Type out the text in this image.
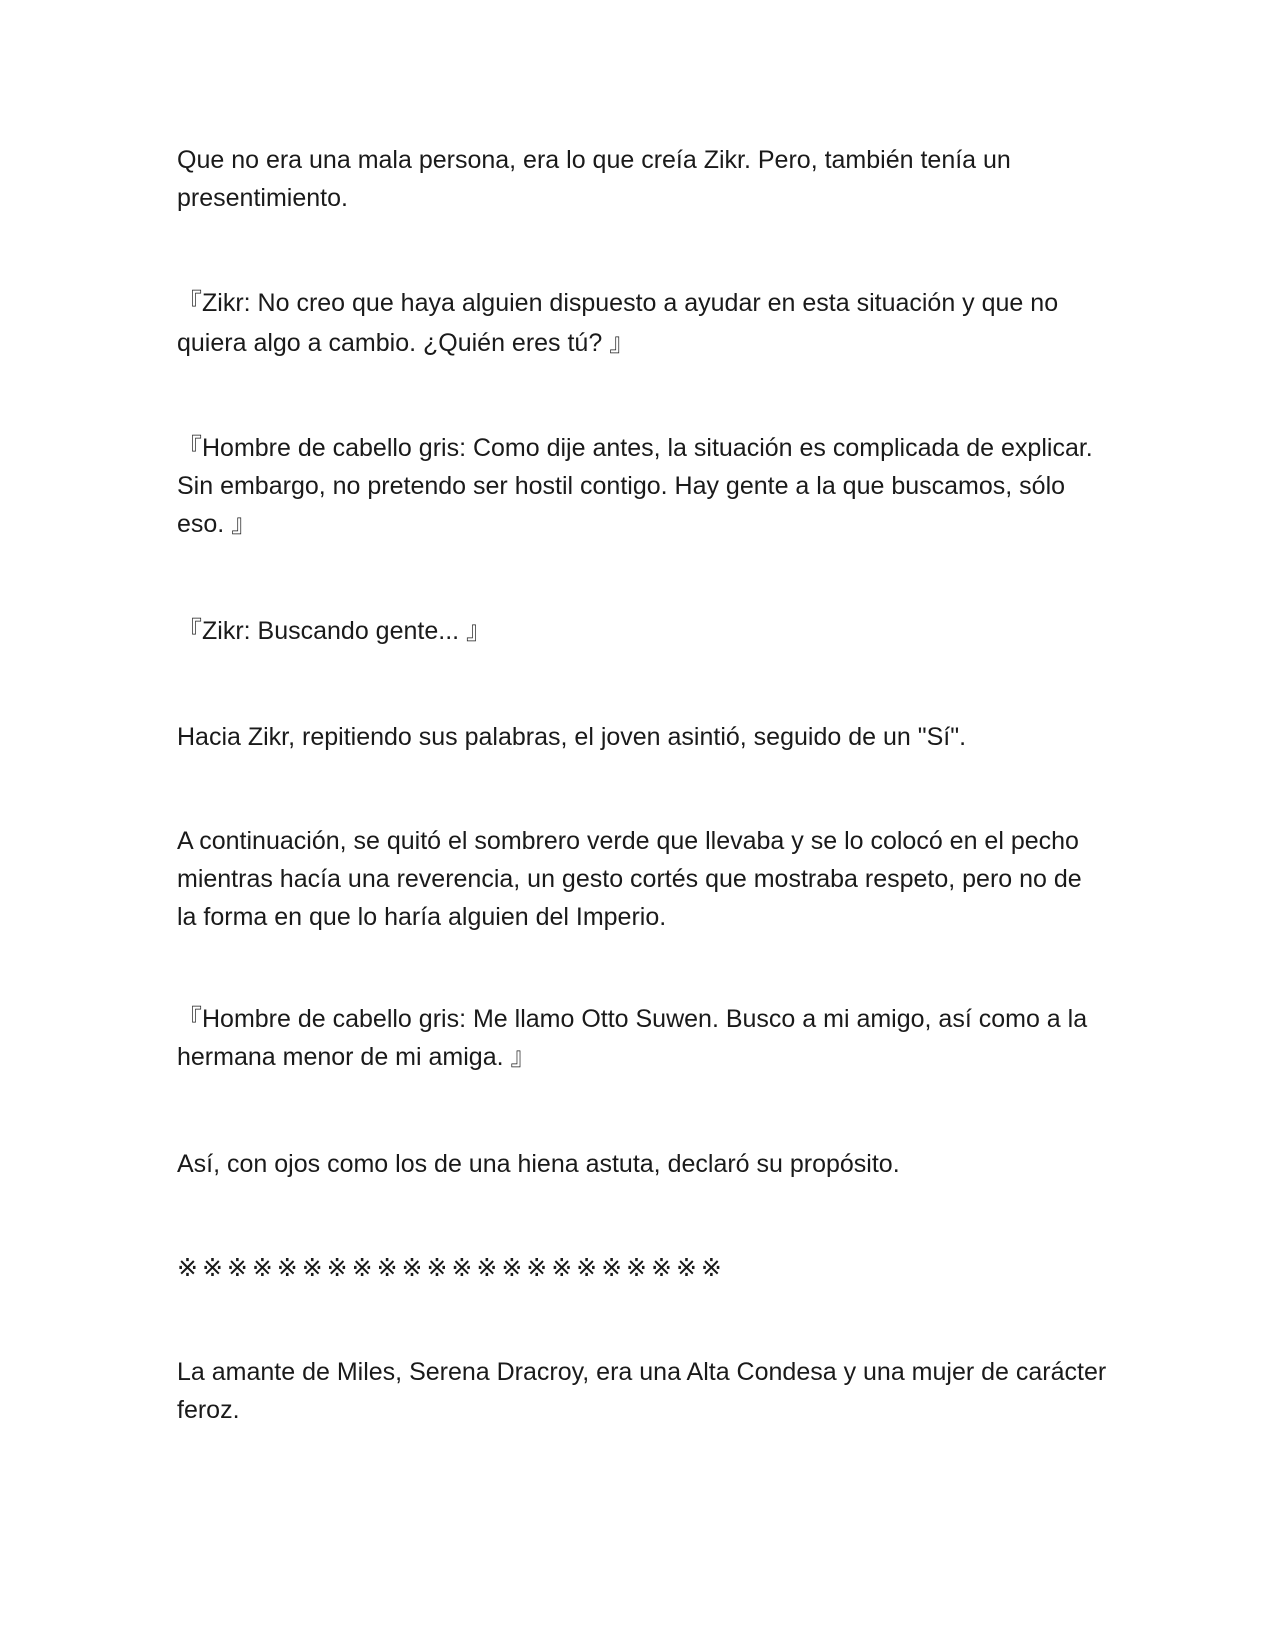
Que no era una mala persona, era lo que creía Zikr. Pero, también tenía un presentimiento.

『Zikr: No creo que haya alguien dispuesto a ayudar en esta situación y que no quiera algo a cambio. ¿Quién eres tú? 』

『Hombre de cabello gris: Como dije antes, la situación es complicada de explicar. Sin embargo, no pretendo ser hostil contigo. Hay gente a la que buscamos, sólo eso. 』

『Zikr: Buscando gente... 』

Hacia Zikr, repitiendo sus palabras, el joven asintió, seguido de un "Sí".

A continuación, se quitó el sombrero verde que llevaba y se lo colocó en el pecho mientras hacía una reverencia, un gesto cortés que mostraba respeto, pero no de la forma en que lo haría alguien del Imperio.

『Hombre de cabello gris: Me llamo Otto Suwen. Busco a mi amigo, así como a la hermana menor de mi amiga. 』

Así, con ojos como los de una hiena astuta, declaró su propósito.

※※※※※※※※※※※※※※※※※※※※※※

La amante de Miles, Serena Dracroy, era una Alta Condesa y una mujer de carácter feroz.
